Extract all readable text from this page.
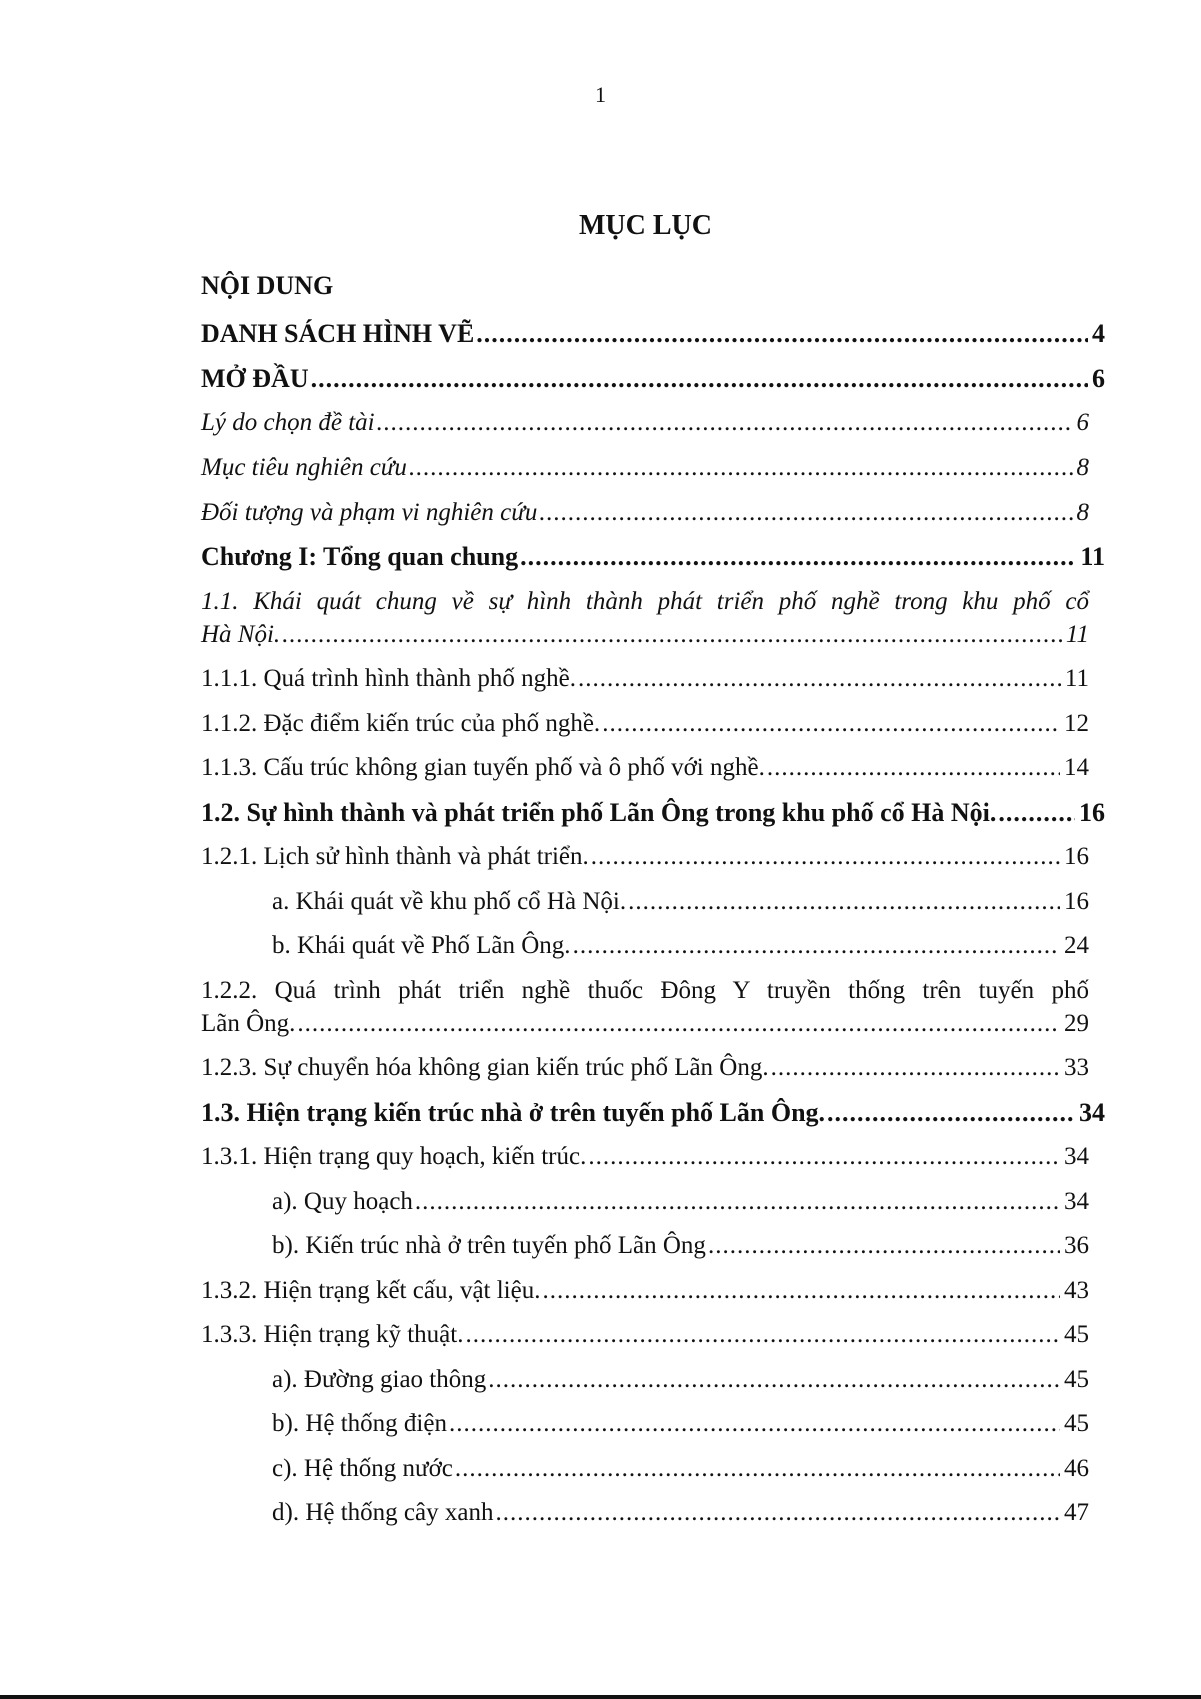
1
MỤC LỤC
NỘI DUNG
DANH SÁCH HÌNH VẼ .....	4
MỞ ĐẦU .....	6
Lý do chọn đề tài .....	6
Mục tiêu nghiên cứu .....	8
Đối tượng và phạm vi nghiên cứu .....	8
Chương I: Tổng quan chung .....	11
1.1. Khái quát chung về sự hình thành phát triển phố nghề trong khu phố cổ
Hà Nội. .....	11
1.1.1. Quá trình hình thành phố nghề. .....	11
1.1.2. Đặc điểm kiến trúc của phố nghề. .....	12
1.1.3. Cấu trúc không gian tuyến phố và ô phố với nghề. .....	14
1.2. Sự hình thành và phát triển phố Lãn Ông trong khu phố cổ Hà Nội. .....	16
1.2.1. Lịch sử hình thành và phát triển. .....	16
a. Khái quát về khu phố cổ Hà Nội. .....	16
b. Khái quát về Phố Lãn Ông. .....	24
1.2.2. Quá trình phát triển nghề thuốc Đông Y truyền thống trên tuyến phố
Lãn Ông. .....	29
1.2.3. Sự chuyển hóa không gian kiến trúc phố Lãn Ông. .....	33
1.3. Hiện trạng kiến trúc nhà ở trên tuyến phố Lãn Ông. .....	34
1.3.1. Hiện trạng quy hoạch, kiến trúc. .....	34
a). Quy hoạch .....	34
b). Kiến trúc nhà ở trên tuyến phố Lãn Ông .....	36
1.3.2. Hiện trạng kết cấu, vật liệu. .....	43
1.3.3. Hiện trạng kỹ thuật. .....	45
a). Đường giao thông .....	45
b). Hệ thống điện .....	45
c). Hệ thống nước .....	46
d). Hệ thống cây xanh .....	47
